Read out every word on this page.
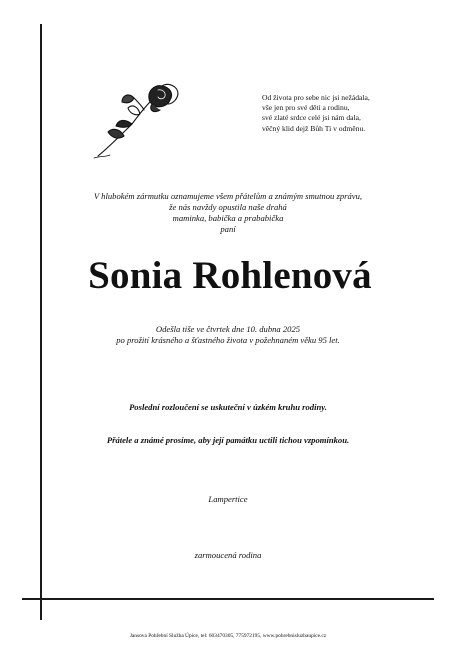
Od života pro sebe nic jsi nežádala,
vše jen pro své děti a rodinu,
své zlaté srdce celé jsi nám dala,
věčný klid dejž Bůh Ti v odměnu.
V hlubokém zármutku oznamujeme všem přátelům a známým smutnou zprávu,
že nás navždy opustila naše drahá
maminka, babička a prababička
paní
Sonia Rohlenová
Odešla tiše ve čtvrtek dne 10. dubna 2025
po prožití krásného a šťastného života v požehnaném věku 95 let.
Poslední rozloučení se uskuteční v úzkém kruhu rodiny.
Přátele a známé prosíme, aby její památku uctili tichou vzpomínkou.
Lampertice
zarmoucená rodina
Jansova Pohřební Služba Úpice, tel: 603470305, 775972195, www.pohrebnisluzbaupice.cz
